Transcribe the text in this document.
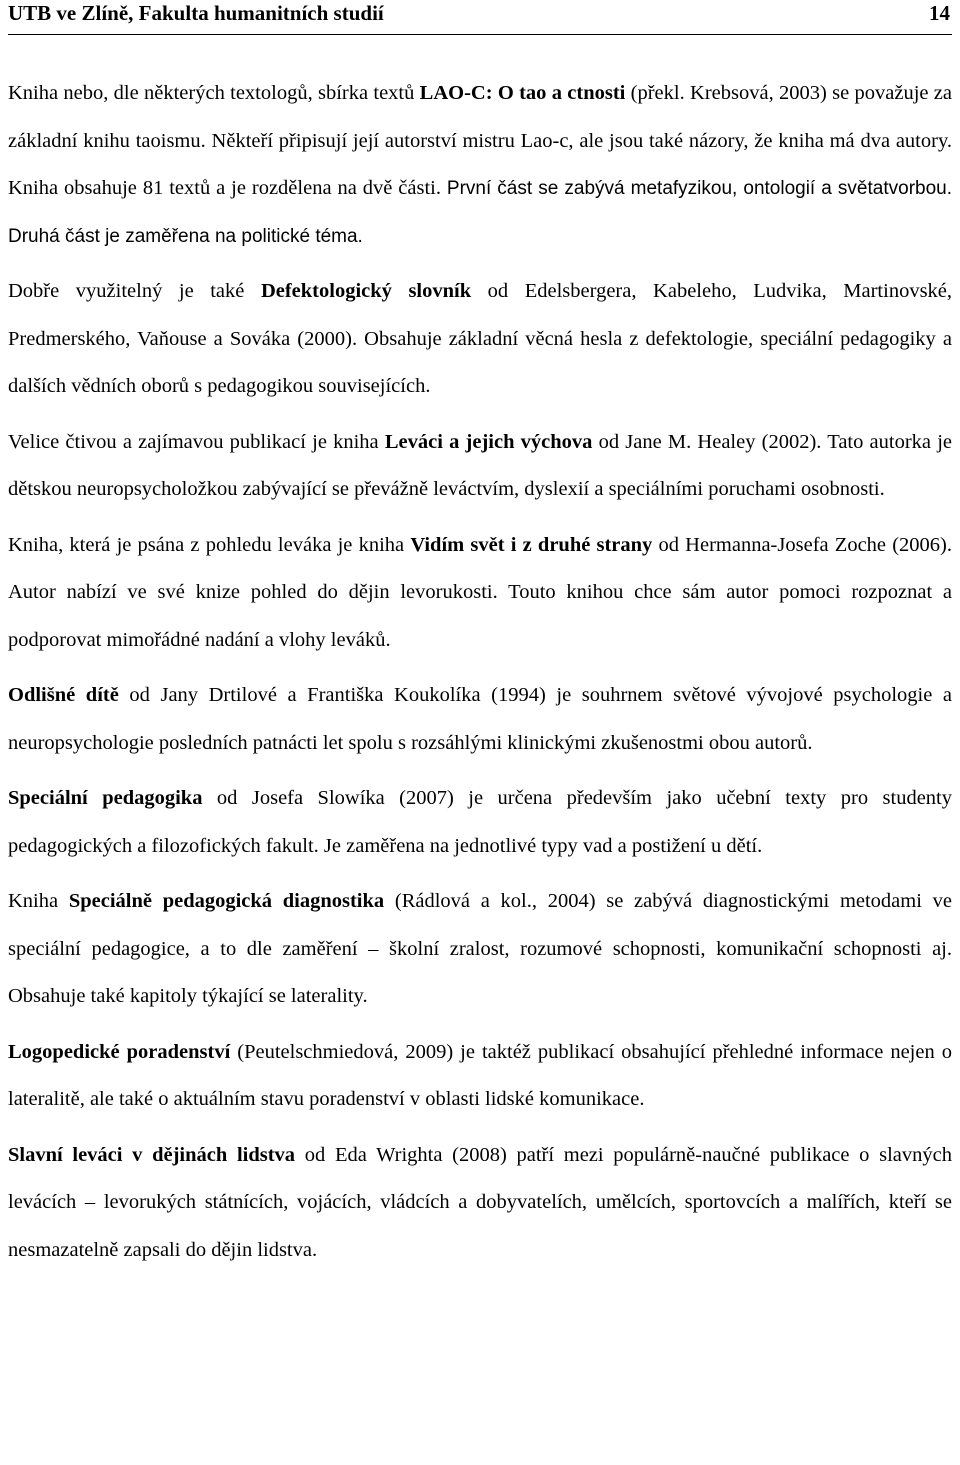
UTB ve Zlíně, Fakulta humanitních studií	14

Kniha nebo, dle některých textologů, sbírka textů LAO-C: O tao a ctnosti (překl. Krebsová, 2003) se považuje za základní knihu taoismu. Někteří připisují její autorství mistru Lao-c, ale jsou také názory, že kniha má dva autory. Kniha obsahuje 81 textů a je rozdělena na dvě části. První část se zabývá metafyzikou, ontologií a světatvorbou. Druhá část je zaměřena na politické téma.

Dobře využitelný je také Defektologický slovník od Edelsbergera, Kabeleho, Ludvika, Martinovské, Predmerského, Vaňouse a Sováka (2000). Obsahuje základní věcná hesla z defektologie, speciální pedagogiky a dalších vědních oborů s pedagogikou souvisejících.

Velice čtivou a zajímavou publikací je kniha Leváci a jejich výchova od Jane M. Healey (2002). Tato autorka je dětskou neuropsycholožkou zabývající se převážně leváctvím, dyslexií a speciálními poruchami osobnosti.

Kniha, která je psána z pohledu leváka je kniha Vidím svět i z druhé strany od Hermanna-Josefa Zoche (2006). Autor nabízí ve své knize pohled do dějin levorukosti. Touto knihou chce sám autor pomoci rozpoznat a podporovat mimořádné nadání a vlohy leváků.

Odlišné dítě od Jany Drtilové a Františka Koukolíka (1994) je souhrnem světové vývojové psychologie a neuropsychologie posledních patnácti let spolu s rozsáhlými klinickými zkušenostmi obou autorů.

Speciální pedagogika od Josefa Slowíka (2007) je určena především jako učební texty pro studenty pedagogických a filozofických fakult. Je zaměřena na jednotlivé typy vad a postižení u dětí.

Kniha Speciálně pedagogická diagnostika (Rádlová a kol., 2004) se zabývá diagnostickými metodami ve speciální pedagogice, a to dle zaměření – školní zralost, rozumové schopnosti, komunikační schopnosti aj. Obsahuje také kapitoly týkající se laterality.

Logopedické poradenství (Peutelschmiedová, 2009) je taktéž publikací obsahující přehledné informace nejen o lateralitě, ale také o aktuálním stavu poradenství v oblasti lidské komunikace.

Slavní leváci v dějinách lidstva od Eda Wrighta (2008) patří mezi populárně-naučné publikace o slavných levácích – levorukých státnících, vojácích, vládcích a dobyvatelích, umělcích, sportovcích a malířích, kteří se nesmazatelně zapsali do dějin lidstva.
